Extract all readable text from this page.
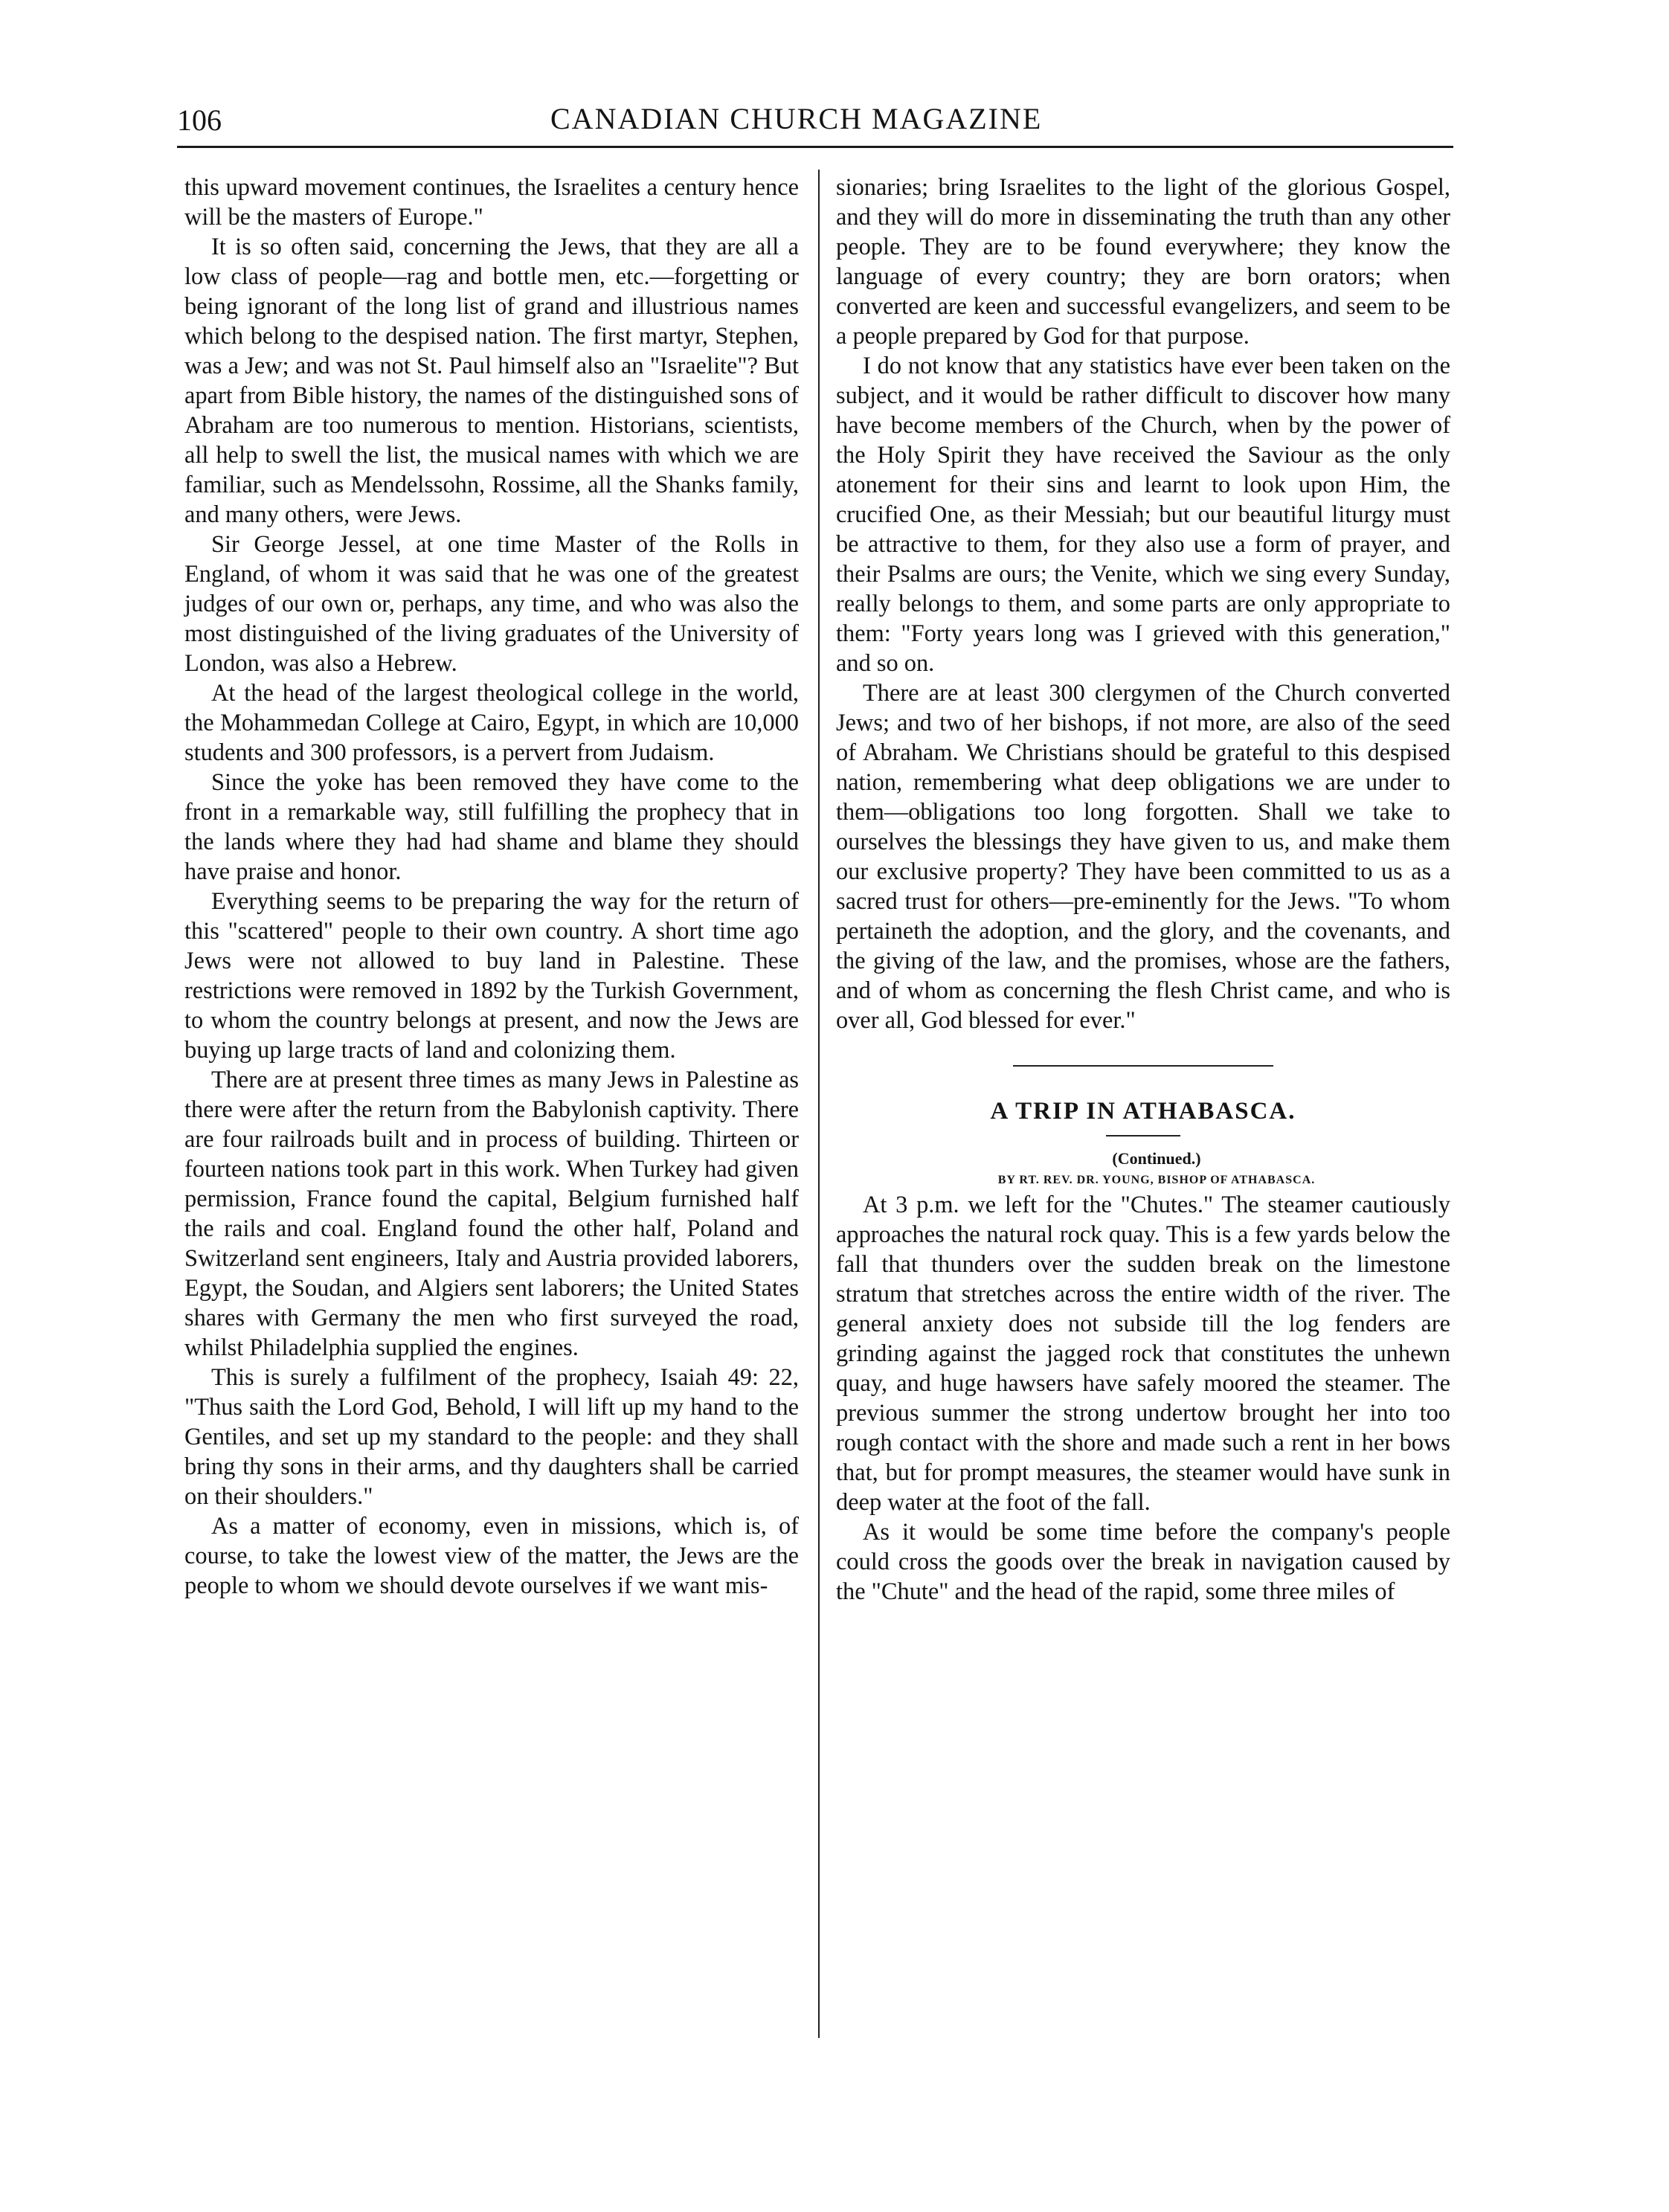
106	CANADIAN CHURCH MAGAZINE

this upward movement continues, the Israelites a century hence will be the masters of Europe."

It is so often said, concerning the Jews, that they are all a low class of people—rag and bottle men, etc.—forgetting or being ignorant of the long list of grand and illustrious names which belong to the despised nation. The first martyr, Stephen, was a Jew; and was not St. Paul himself also an "Israelite"? But apart from Bible history, the names of the distinguished sons of Abraham are too numerous to mention. Historians, scientists, all help to swell the list, the musical names with which we are familiar, such as Mendelssohn, Rossime, all the Shanks family, and many others, were Jews.

Sir George Jessel, at one time Master of the Rolls in England, of whom it was said that he was one of the greatest judges of our own or, perhaps, any time, and who was also the most distinguished of the living graduates of the University of London, was also a Hebrew.

At the head of the largest theological college in the world, the Mohammedan College at Cairo, Egypt, in which are 10,000 students and 300 professors, is a pervert from Judaism.

Since the yoke has been removed they have come to the front in a remarkable way, still fulfilling the prophecy that in the lands where they had had shame and blame they should have praise and honor.

Everything seems to be preparing the way for the return of this "scattered" people to their own country. A short time ago Jews were not allowed to buy land in Palestine. These restrictions were removed in 1892 by the Turkish Government, to whom the country belongs at present, and now the Jews are buying up large tracts of land and colonizing them.

There are at present three times as many Jews in Palestine as there were after the return from the Babylonish captivity. There are four railroads built and in process of building. Thirteen or fourteen nations took part in this work. When Turkey had given permission, France found the capital, Belgium furnished half the rails and coal. England found the other half, Poland and Switzerland sent engineers, Italy and Austria provided laborers, Egypt, the Soudan, and Algiers sent laborers; the United States shares with Germany the men who first surveyed the road, whilst Philadelphia supplied the engines.

This is surely a fulfilment of the prophecy, Isaiah 49: 22, "Thus saith the Lord God, Behold, I will lift up my hand to the Gentiles, and set up my standard to the people: and they shall bring thy sons in their arms, and thy daughters shall be carried on their shoulders."

As a matter of economy, even in missions, which is, of course, to take the lowest view of the matter, the Jews are the people to whom we should devote ourselves if we want mis-

sionaries; bring Israelites to the light of the glorious Gospel, and they will do more in disseminating the truth than any other people. They are to be found everywhere; they know the language of every country; they are born orators; when converted are keen and successful evangelizers, and seem to be a people prepared by God for that purpose.

I do not know that any statistics have ever been taken on the subject, and it would be rather difficult to discover how many have become members of the Church, when by the power of the Holy Spirit they have received the Saviour as the only atonement for their sins and learnt to look upon Him, the crucified One, as their Messiah; but our beautiful liturgy must be attractive to them, for they also use a form of prayer, and their Psalms are ours; the Venite, which we sing every Sunday, really belongs to them, and some parts are only appropriate to them: "Forty years long was I grieved with this generation," and so on.

There are at least 300 clergymen of the Church converted Jews; and two of her bishops, if not more, are also of the seed of Abraham. We Christians should be grateful to this despised nation, remembering what deep obligations we are under to them—obligations too long forgotten. Shall we take to ourselves the blessings they have given to us, and make them our exclusive property? They have been committed to us as a sacred trust for others—pre-eminently for the Jews. "To whom pertaineth the adoption, and the glory, and the covenants, and the giving of the law, and the promises, whose are the fathers, and of whom as concerning the flesh Christ came, and who is over all, God blessed for ever."

A TRIP IN ATHABASCA.

(Continued.)

BY RT. REV. DR. YOUNG, BISHOP OF ATHABASCA.

At 3 p.m. we left for the "Chutes." The steamer cautiously approaches the natural rock quay. This is a few yards below the fall that thunders over the sudden break on the limestone stratum that stretches across the entire width of the river. The general anxiety does not subside till the log fenders are grinding against the jagged rock that constitutes the unhewn quay, and huge hawsers have safely moored the steamer. The previous summer the strong undertow brought her into too rough contact with the shore and made such a rent in her bows that, but for prompt measures, the steamer would have sunk in deep water at the foot of the fall.

As it would be some time before the company's people could cross the goods over the break in navigation caused by the "Chute" and the head of the rapid, some three miles of
